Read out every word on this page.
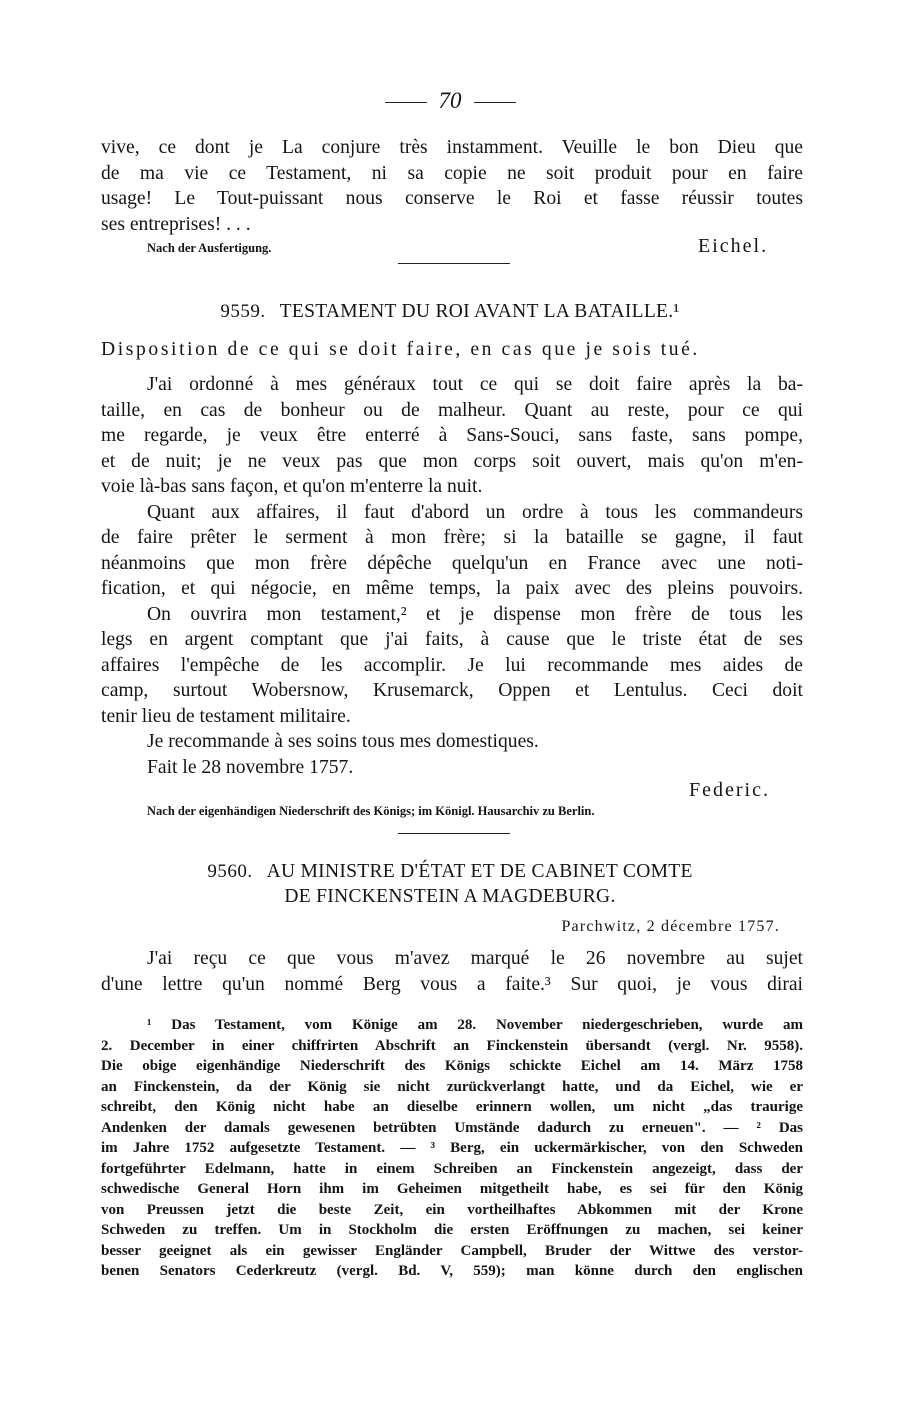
70
vive, ce dont je La conjure très instamment. Veuille le bon Dieu que
de ma vie ce Testament, ni sa copie ne soit produit pour en faire
usage! Le Tout-puissant nous conserve le Roi et fasse réussir toutes
ses entreprises! . . .
Nach der Ausfertigung.	Eichel.
9559. TESTAMENT DU ROI AVANT LA BATAILLE.¹
Disposition de ce qui se doit faire, en cas que je sois tué.
J'ai ordonné à mes généraux tout ce qui se doit faire après la ba-
taille, en cas de bonheur ou de malheur. Quant au reste, pour ce qui
me regarde, je veux être enterré à Sans-Souci, sans faste, sans pompe,
et de nuit; je ne veux pas que mon corps soit ouvert, mais qu'on m'en-
voie là-bas sans façon, et qu'on m'enterre la nuit.
Quant aux affaires, il faut d'abord un ordre à tous les commandeurs
de faire prêter le serment à mon frère; si la bataille se gagne, il faut
néanmoins que mon frère dépêche quelqu'un en France avec une noti-
fication, et qui négocie, en même temps, la paix avec des pleins pouvoirs.
On ouvrira mon testament,² et je dispense mon frère de tous les
legs en argent comptant que j'ai faits, à cause que le triste état de ses
affaires l'empêche de les accomplir. Je lui recommande mes aides de
camp, surtout Wobersnow, Krusemarck, Oppen et Lentulus. Ceci doit
tenir lieu de testament militaire.
Je recommande à ses soins tous mes domestiques.
Fait le 28 novembre 1757.
Federic.
Nach der eigenhändigen Niederschrift des Königs; im Königl. Hausarchiv zu Berlin.
9560. AU MINISTRE D'ÉTAT ET DE CABINET COMTE
DE FINCKENSTEIN A MAGDEBURG.
Parchwitz, 2 décembre 1757.
J'ai reçu ce que vous m'avez marqué le 26 novembre au sujet
d'une lettre qu'un nommé Berg vous a faite.³ Sur quoi, je vous dirai
¹ Das Testament, vom Könige am 28. November niedergeschrieben, wurde am
2. December in einer chiffrirten Abschrift an Finckenstein übersandt (vergl. Nr. 9558).
Die obige eigenhändige Niederschrift des Königs schickte Eichel am 14. März 1758
an Finckenstein, da der König sie nicht zurückverlangt hatte, und da Eichel, wie er
schreibt, den König nicht habe an dieselbe erinnern wollen, um nicht „das traurige
Andenken der damals gewesenen betrübten Umstände dadurch zu erneuen". — ² Das
im Jahre 1752 aufgesetzte Testament. — ³ Berg, ein uckermärkischer, von den Schweden
fortgeführter Edelmann, hatte in einem Schreiben an Finckenstein angezeigt, dass der
schwedische General Horn ihm im Geheimen mitgetheilt habe, es sei für den König
von Preussen jetzt die beste Zeit, ein vortheilhaftes Abkommen mit der Krone
Schweden zu treffen. Um in Stockholm die ersten Eröffnungen zu machen, sei keiner
besser geeignet als ein gewisser Engländer Campbell, Bruder der Wittwe des verstor-
benen Senators Cederkreutz (vergl. Bd. V, 559); man könne durch den englischen
